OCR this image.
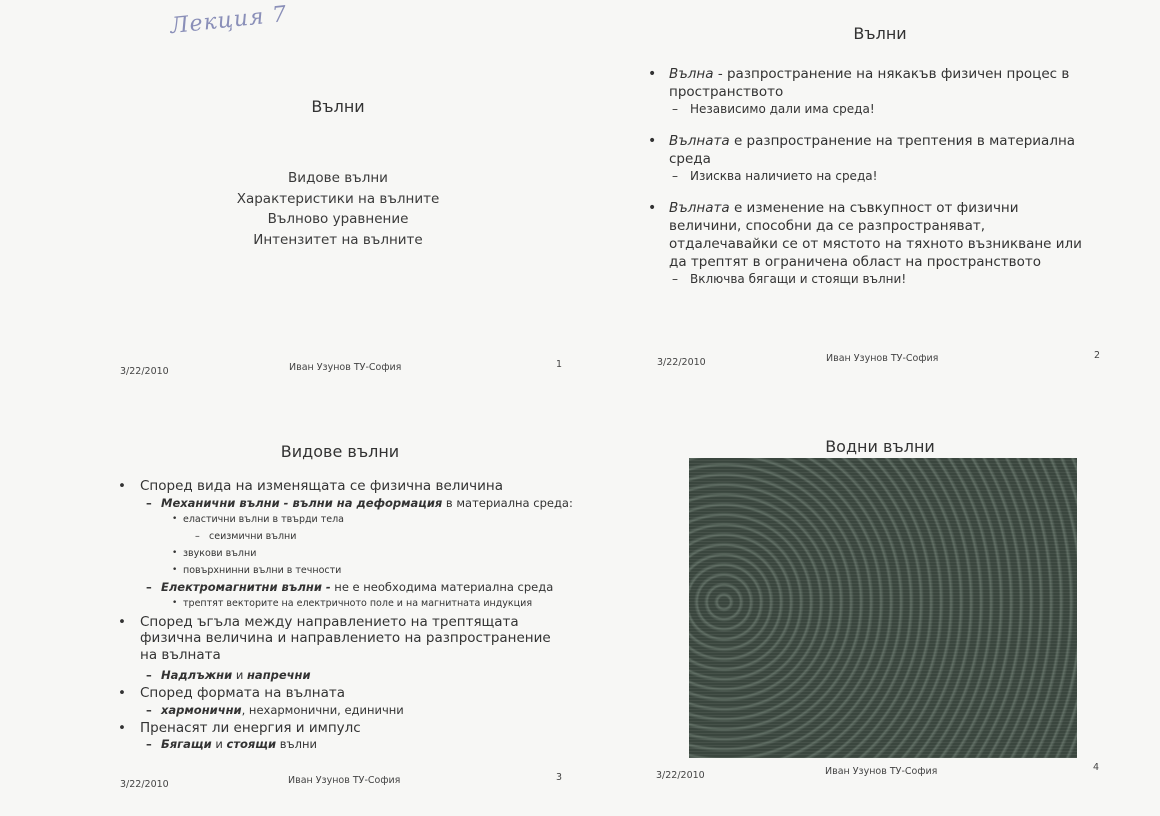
Лекция 7
Вълни
Видове вълни
Характеристики на вълните
Вълново уравнение
Интензитет на вълните
3/22/2010	Иван Узунов ТУ-София	1
Вълни
• Вълна - разпространение на някакъв физичен процес в пространството
– Независимо дали има среда!
• Вълната е разпространение на трептения в материална среда
– Изисква наличието на среда!
• Вълната е изменение на съвкупност от физични величини, способни да се разпространяват, отдалечавайки се от мястото на тяхното възникване или да трептят в ограничена област на пространството
– Включва бягащи и стоящи вълни!
3/22/2010	Иван Узунов ТУ-София	2
Видове вълни
• Според вида на изменящата се физична величина
– Механични вълни - вълни на деформация в материална среда:
• еластични вълни в твърди тела
– сеизмични вълни
• звукови вълни
• повърхнинни вълни в течности
– Електромагнитни вълни - не е необходима материална среда
• трептят векторите на електричното поле и на магнитната индукция
• Според ъгъла между направлението на трептящата физична величина и направлението на разпространение на вълната
– Надлъжни и напречни
• Според формата на вълната
– хармонични, нехармонични, единични
• Пренасят ли енергия и импулс
– Бягащи и стоящи вълни
3/22/2010	Иван Узунов ТУ-София	3
Водни вълни
3/22/2010	Иван Узунов ТУ-София	4
